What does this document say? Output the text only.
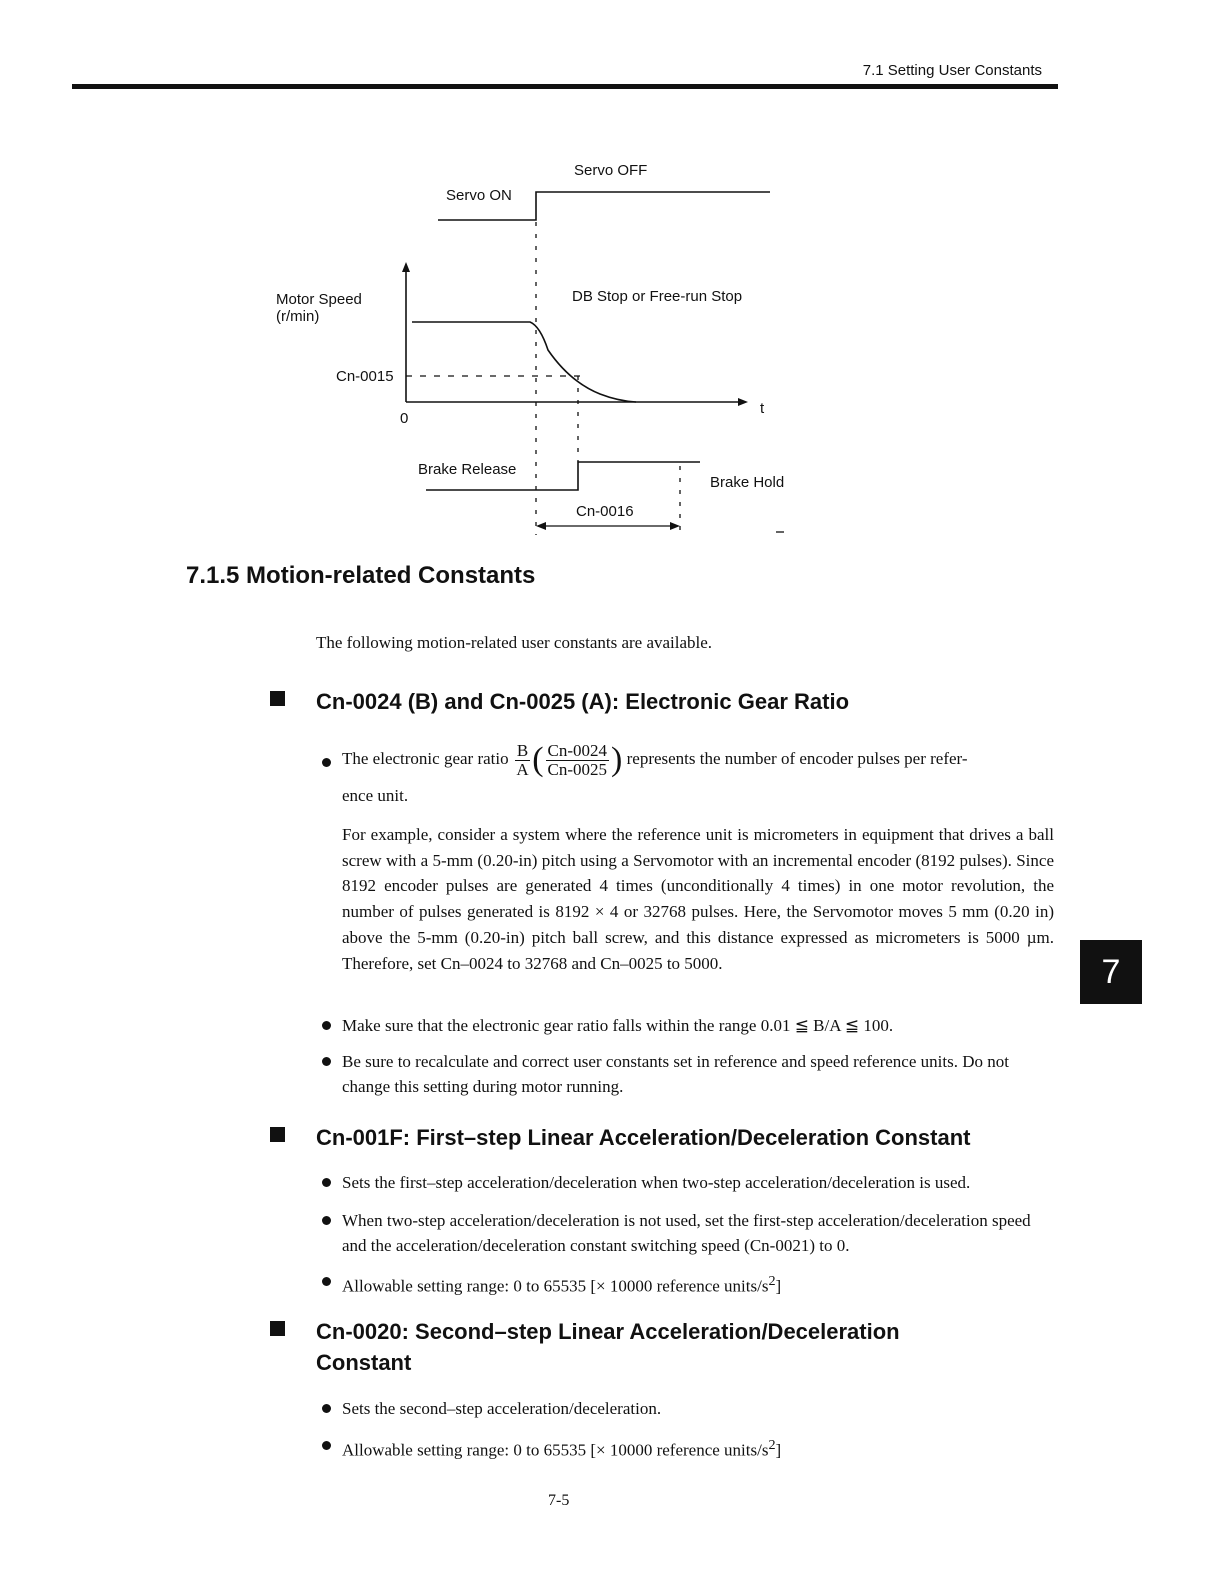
7.1 Setting User Constants
Servo OFF
Servo ON
Motor Speed
(r/min)
DB Stop or Free-run Stop
Cn-0015
0
t
Brake Release
Brake Hold
Cn-0016
7.1.5 Motion-related Constants
The following motion-related user constants are available.
Cn-0024 (B) and Cn-0025 (A): Electronic Gear Ratio
The electronic gear ratio $\frac{B}{A}$ ( $\frac{Cn-0024}{Cn-0025}$ ) represents the number of encoder pulses per refer-
ence unit.
For example, consider a system where the reference unit is micrometers in equipment that drives a ball screw with a 5-mm (0.20-in) pitch using a Servomotor with an incremental encoder (8192 pulses). Since 8192 encoder pulses are generated 4 times (unconditionally 4 times) in one motor revolution, the number of pulses generated is 8192 × 4 or 32768 pulses. Here, the Servomotor moves 5 mm (0.20 in) above the 5-mm (0.20-in) pitch ball screw, and this distance expressed as micrometers is 5000 µm. Therefore, set Cn–0024 to 32768 and Cn–0025 to 5000.
Make sure that the electronic gear ratio falls within the range 0.01 ≦ B/A ≦ 100.
Be sure to recalculate and correct user constants set in reference and speed reference units. Do not change this setting during motor running.
Cn-001F: First–step Linear Acceleration/Deceleration Constant
Sets the first–step acceleration/deceleration when two-step acceleration/deceleration is used.
When two-step acceleration/deceleration is not used, set the first-step acceleration/deceleration speed and the acceleration/deceleration constant switching speed (Cn-0021) to 0.
Allowable setting range: 0 to 65535 [× 10000 reference units/$s^2$]
Cn-0020: Second–step Linear Acceleration/Deceleration
Constant
Sets the second–step acceleration/deceleration.
Allowable setting range: 0 to 65535 [× 10000 reference units/$s^2$]
7
7-5
